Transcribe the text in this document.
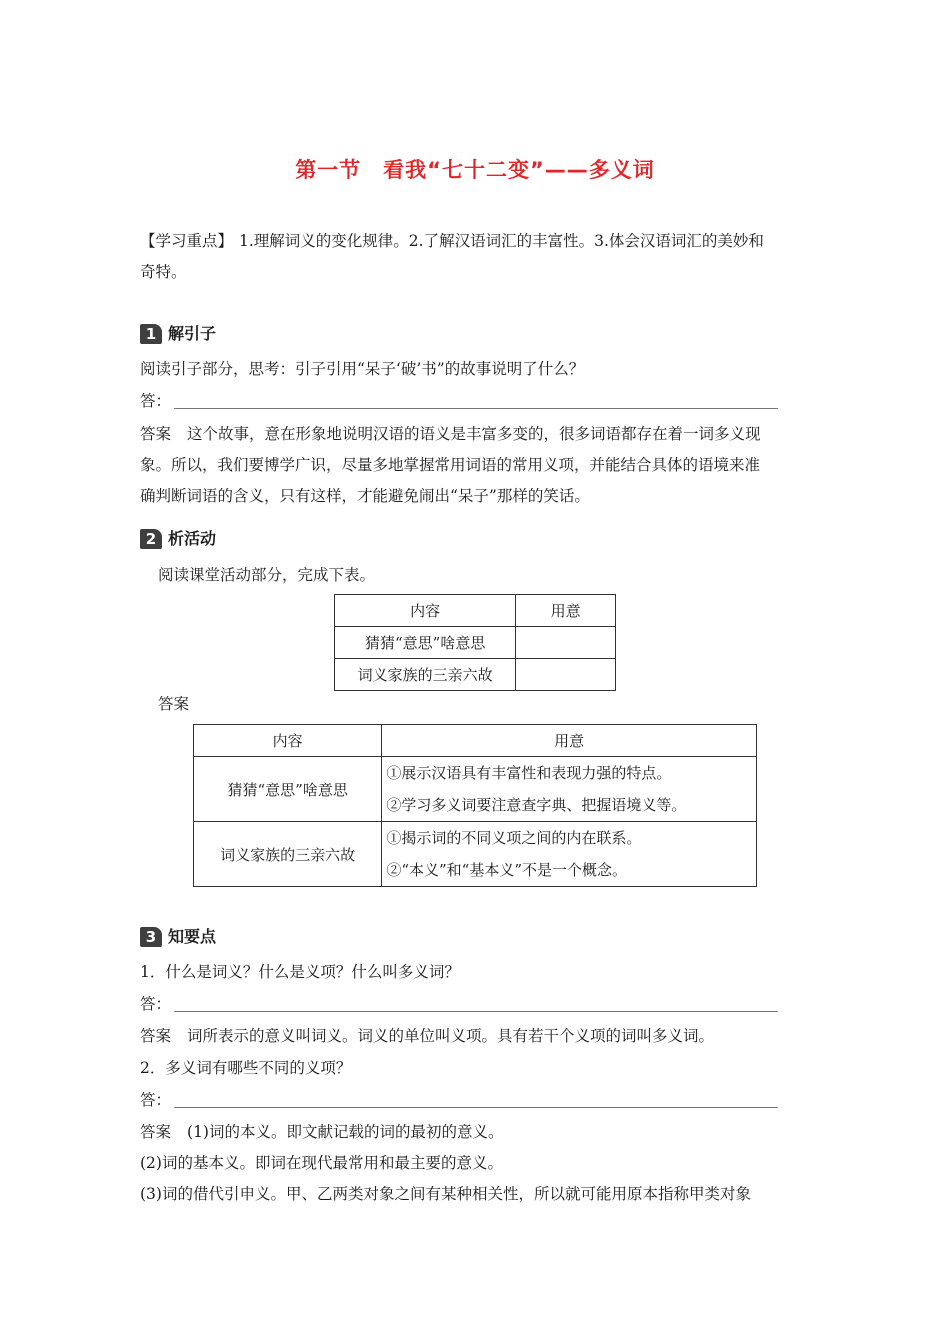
第一节　看我“七十二变”——多义词
【学习重点】 1.理解词义的变化规律。2.了解汉语词汇的丰富性。3.体会汉语词汇的美妙和
奇特。
1 解引子
阅读引子部分，思考：引子引用“呆子‘破’书”的故事说明了什么？
答：
答案 这个故事，意在形象地说明汉语的语义是丰富多变的，很多词语都存在着一词多义现
象。所以，我们要博学广识，尽量多地掌握常用词语的常用义项，并能结合具体的语境来准
确判断词语的含义，只有这样，才能避免闹出“呆子”那样的笑话。
2 析活动
阅读课堂活动部分，完成下表。
内容	用意
猜猜“意思”啥意思	
词义家族的三亲六故	
答案
内容	用意
猜猜“意思”啥意思	①展示汉语具有丰富性和表现力强的特点。
②学习多义词要注意查字典、把握语境义等。

词义家族的三亲六故	①揭示词的不同义项之间的内在联系。
②“本义”和“基本义”不是一个概念。
3 知要点
1．什么是词义？什么是义项？什么叫多义词？
答：
答案 词所表示的意义叫词义。词义的单位叫义项。具有若干个义项的词叫多义词。
2．多义词有哪些不同的义项？
答：
答案 (1)词的本义。即文献记载的词的最初的意义。
(2)词的基本义。即词在现代最常用和最主要的意义。
(3)词的借代引申义。甲、乙两类对象之间有某种相关性，所以就可能用原本指称甲类对象
